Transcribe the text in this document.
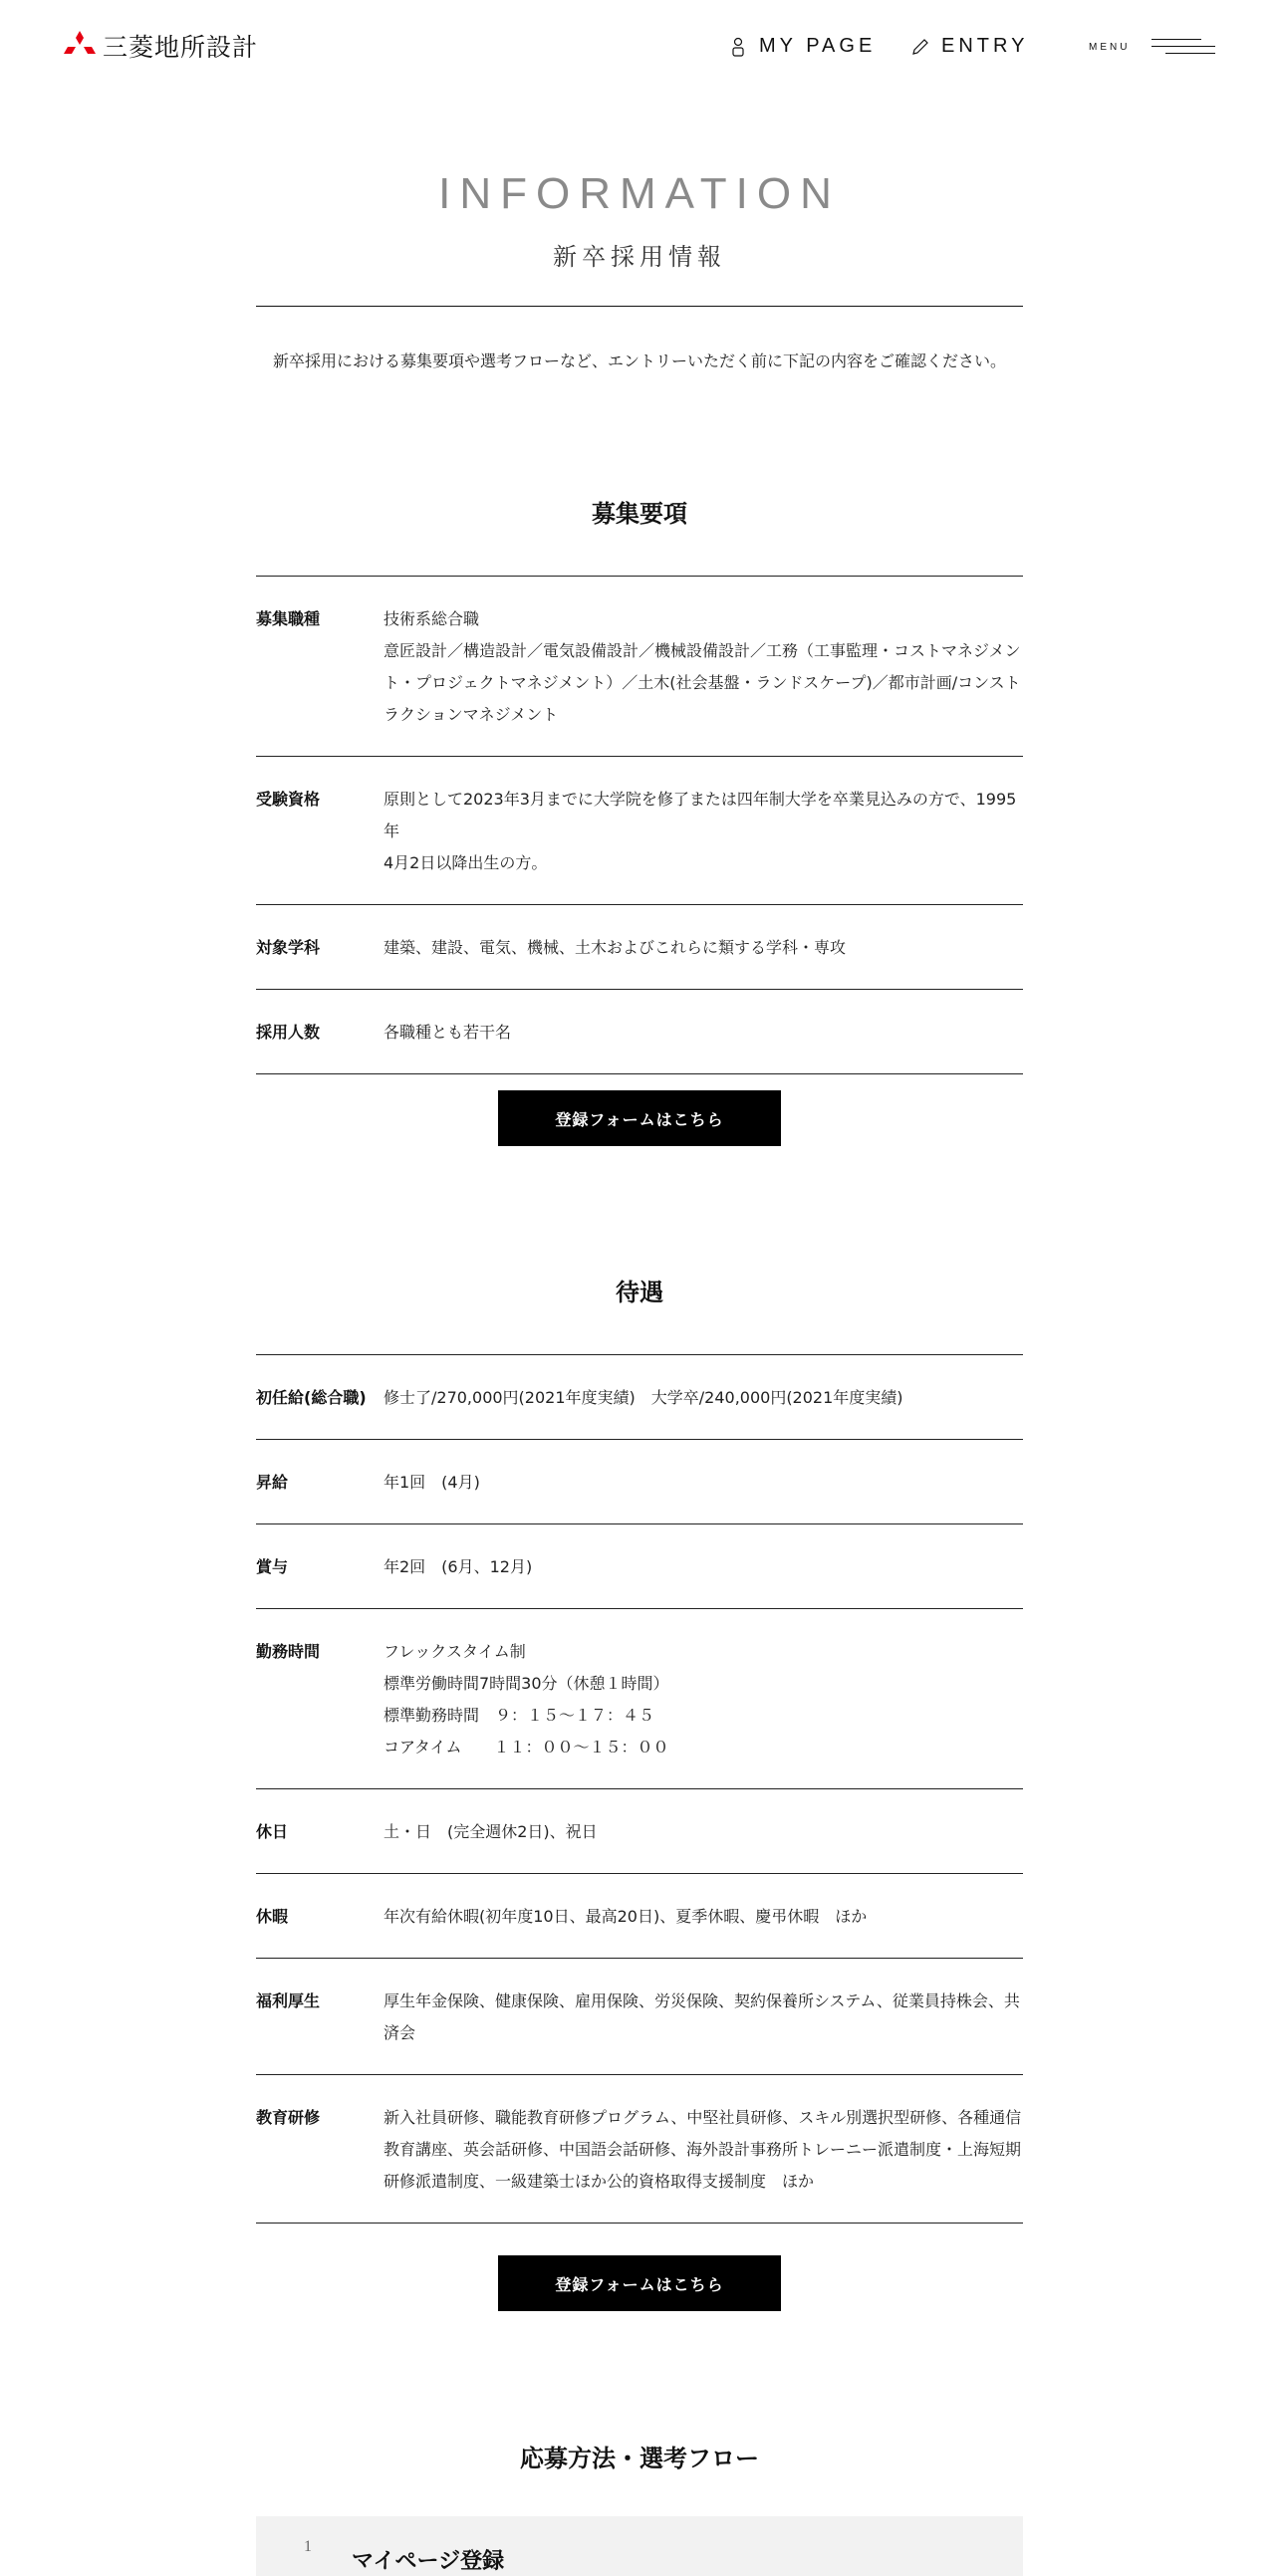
三菱地所設計	MY PAGE	ENTRY	MENU
INFORMATION
新卒採用情報
新卒採用における募集要項や選考フローなど、エントリーいただく前に下記の内容をご確認ください。
募集要項
募集職種	技術系総合職
意匠設計／構造設計／電気設備設計／機械設備設計／工務（工事監理・コストマネジメン
ト・プロジェクトマネジメント）／土木(社会基盤・ランドスケープ)／都市計画/コンスト
ラクションマネジメント
受験資格	原則として2023年3月までに大学院を修了または四年制大学を卒業見込みの方で、1995年
4月2日以降出生の方。
対象学科	建築、建設、電気、機械、土木およびこれらに類する学科・専攻
採用人数	各職種とも若干名
登録フォームはこちら
待遇
初任給(総合職)	修士了/270,000円(2021年度実績)　大学卒/240,000円(2021年度実績)
昇給	年1回　(4月)
賞与	年2回　(6月、12月)
勤務時間	フレックスタイム制
標準労働時間7時間30分（休憩１時間）
標準勤務時間　９：１５〜１７：４５
コアタイム　　１１：００〜１５：００
休日	土・日　(完全週休2日)、祝日
休暇	年次有給休暇(初年度10日、最高20日)、夏季休暇、慶弔休暇　ほか
福利厚生	厚生年金保険、健康保険、雇用保険、労災保険、契約保養所システム、従業員持株会、共
済会
教育研修	新入社員研修、職能教育研修プログラム、中堅社員研修、スキル別選択型研修、各種通信
教育講座、英会話研修、中国語会話研修、海外設計事務所トレーニー派遣制度・上海短期
研修派遣制度、一級建築士ほか公的資格取得支援制度　ほか
登録フォームはこちら
応募方法・選考フロー
1
マイページ登録
